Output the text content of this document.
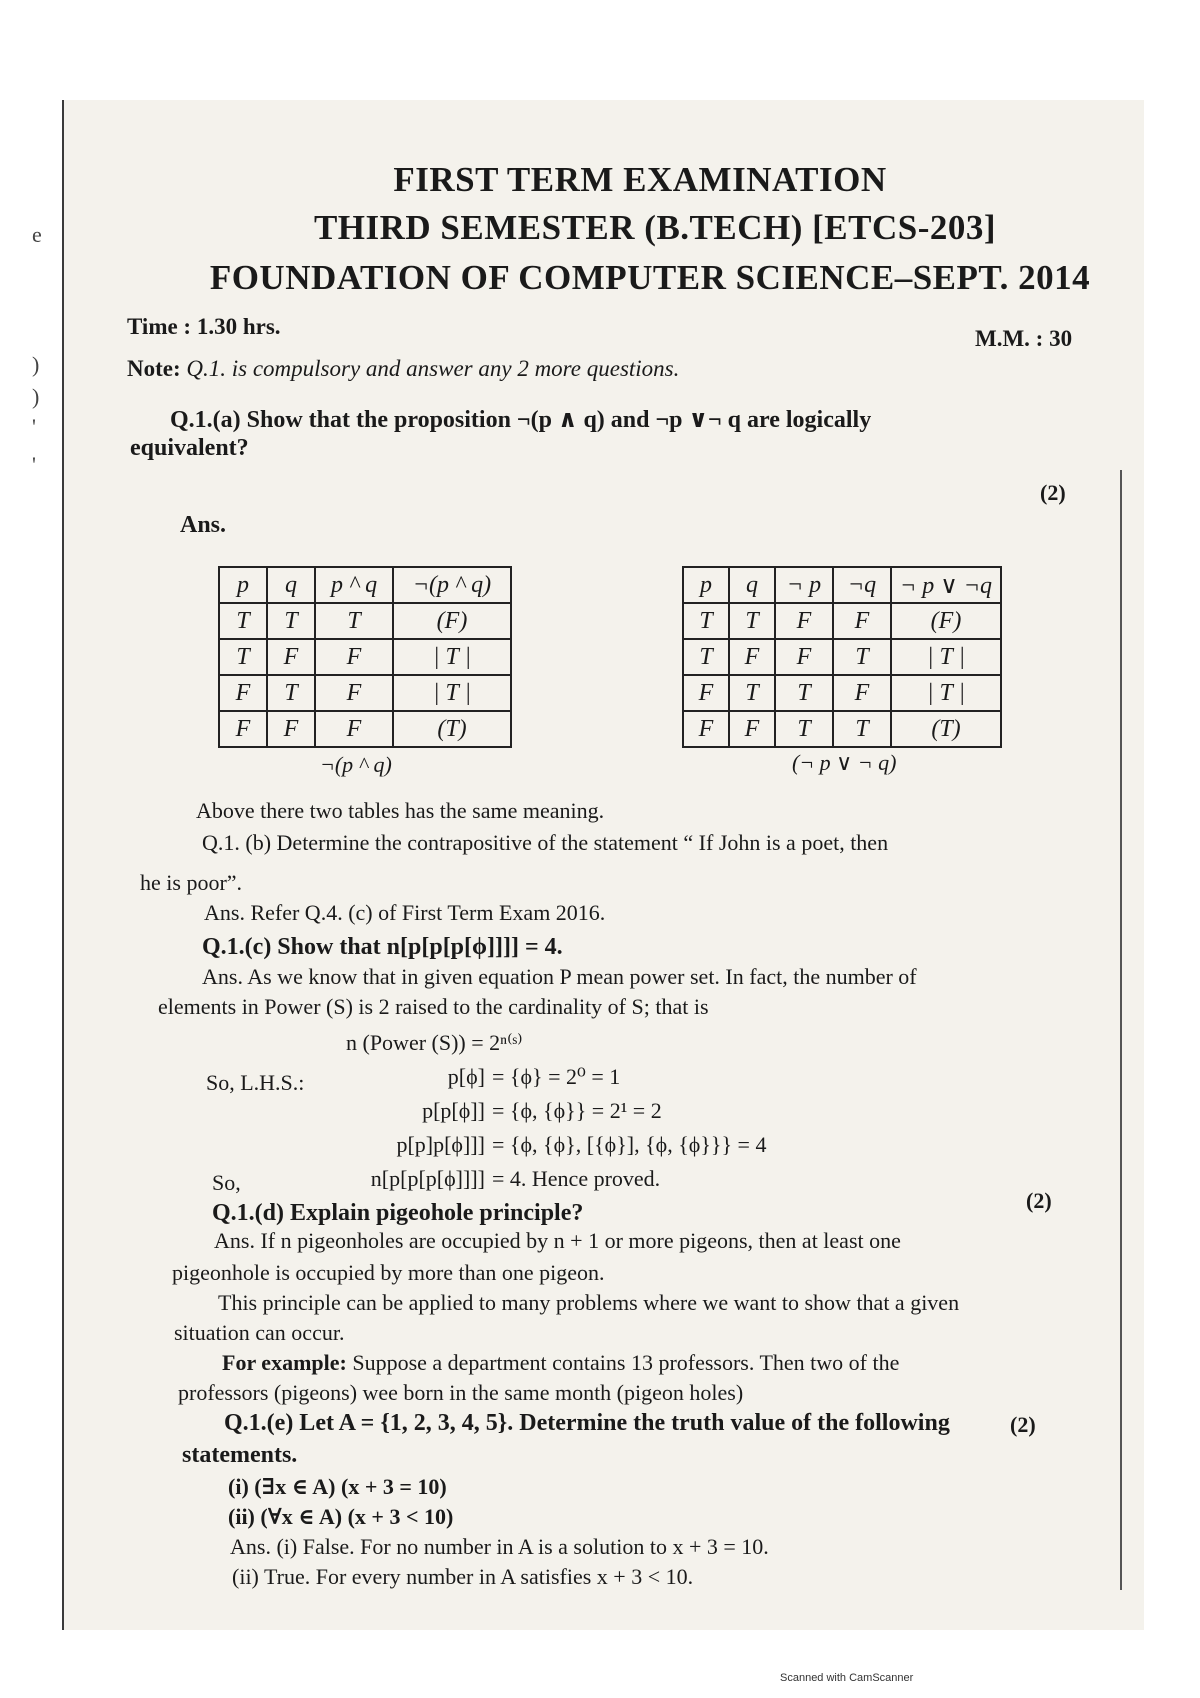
e
)
)
'
'
FIRST TERM EXAMINATION
THIRD SEMESTER (B.TECH) [ETCS-203]
FOUNDATION OF COMPUTER SCIENCE–SEPT. 2014
Time : 1.30 hrs.	M.M. : 30
Note: Q.1. is compulsory and answer any 2 more questions.
Q.1.(a) Show that the proposition ¬(p ∧ q) and ¬p ∨¬ q are logically
equivalent?
(2)
Ans.
p	q	p ^ q	¬(p ^ q)
T	T	T	(F)
T	F	F	| T |
F	T	F	| T |
F	F	F	(T)
¬(p ^ q)
p	q	¬ p	¬q	¬ p ∨ ¬q
T	T	F	F	(F)
T	F	F	T	| T |
F	T	T	F	| T |
F	F	T	T	(T)
(¬ p ∨ ¬ q)
Above there two tables has the same meaning.
Q.1. (b) Determine the contrapositive of the statement “ If John is a poet, then
he is poor”.
Ans. Refer Q.4. (c) of First Term Exam 2016.
Q.1.(c) Show that n[p[p[p[ϕ]]]] = 4.
Ans. As we know that in given equation P mean power set. In fact, the number of
elements in Power (S) is 2 raised to the cardinality of S; that is
n (Power (S)) = 2ⁿ⁽ˢ⁾
So, L.H.S.:	p[ϕ] = {ϕ} = 2⁰ = 1
p[p[ϕ]] = {ϕ, {ϕ}} = 2¹ = 2
p[p]p[ϕ]]] = {ϕ, {ϕ}, [{ϕ}], {ϕ, {ϕ}}} = 4
So,	n[p[p[p[ϕ]]]] = 4. Hence proved.
Q.1.(d) Explain pigeohole principle?	(2)
Ans. If n pigeonholes are occupied by n + 1 or more pigeons, then at least one
pigeonhole is occupied by more than one pigeon.
This principle can be applied to many problems where we want to show that a given
situation can occur.
For example: Suppose a department contains 13 professors. Then two of the
professors (pigeons) wee born in the same month (pigeon holes)
Q.1.(e) Let A = {1, 2, 3, 4, 5}. Determine the truth value of the following	(2)
statements.
(i) (∃x ∈ A) (x + 3 = 10)
(ii) (∀x ∈ A) (x + 3 < 10)
Ans. (i) False. For no number in A is a solution to x + 3 = 10.
(ii) True. For every number in A satisfies x + 3 < 10.
Scanned with CamScanner
